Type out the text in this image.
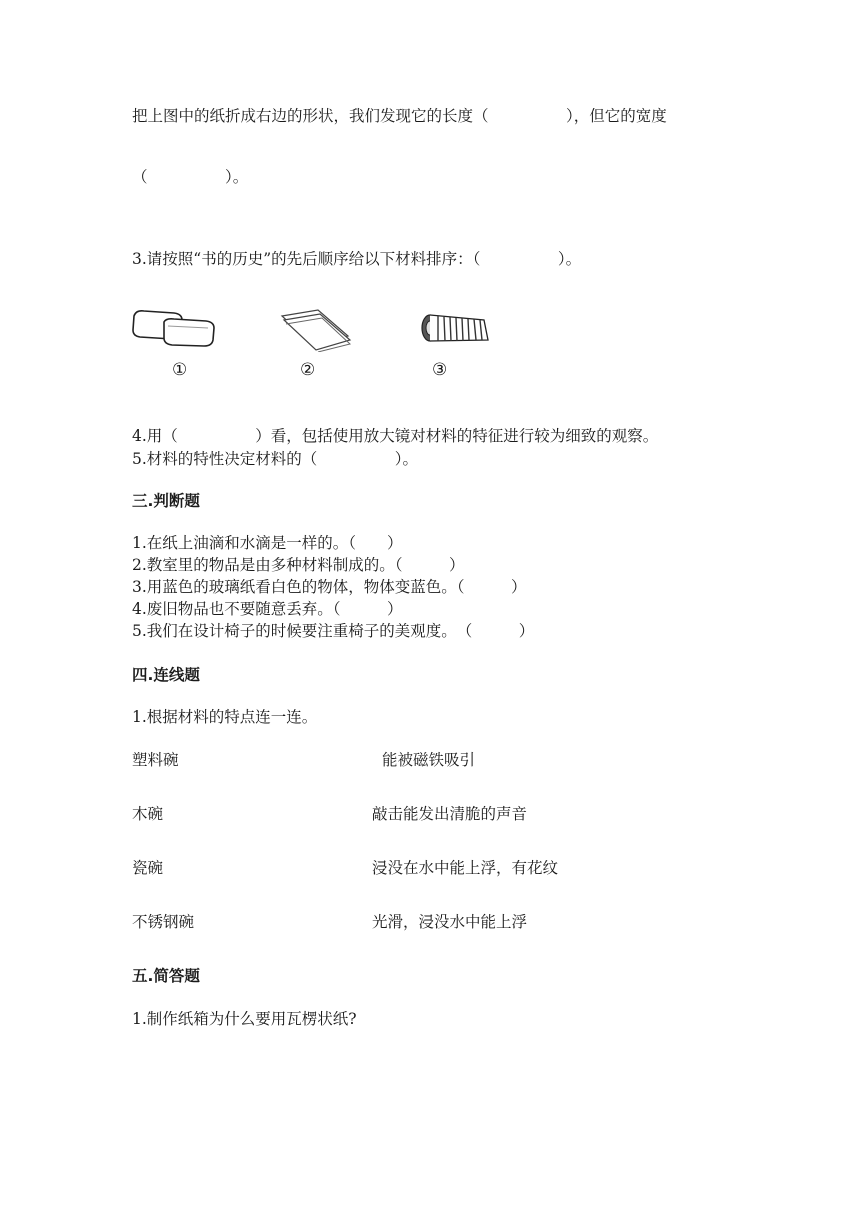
把上图中的纸折成右边的形状，我们发现它的长度（　　　　　），但它的宽度
（　　　　　）。
3.请按照“书的历史”的先后顺序给以下材料排序：（　　　　　）。
①	②	③
4.用（　　　　　）看，包括使用放大镜对材料的特征进行较为细致的观察。
5.材料的特性决定材料的（　　　　　）。
三.判断题
1.在纸上油滴和水滴是一样的。（　　）
2.教室里的物品是由多种材料制成的。（　　　）
3.用蓝色的玻璃纸看白色的物体，物体变蓝色。（　　　）
4.废旧物品也不要随意丢弃。（　　　）
5.我们在设计椅子的时候要注重椅子的美观度。　（　　　）
四.连线题
1.根据材料的特点连一连。
塑料碗	能被磁铁吸引
木碗	敲击能发出清脆的声音
瓷碗	浸没在水中能上浮，有花纹
不锈钢碗	光滑，浸没水中能上浮
五.简答题
1.制作纸箱为什么要用瓦楞状纸?
